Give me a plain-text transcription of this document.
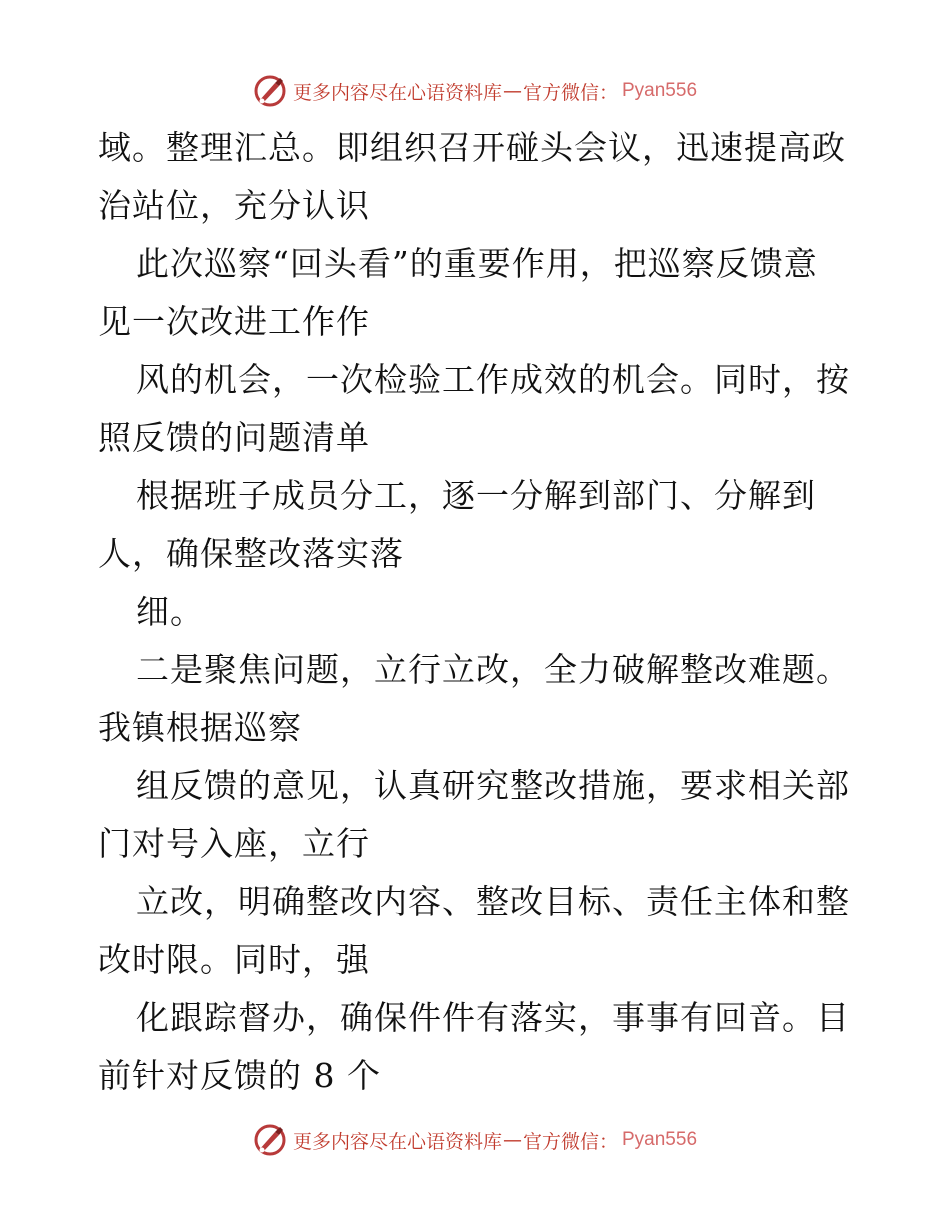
更多内容尽在心语资料库 — 官方微信： Pyan556
域。整理汇总。即组织召开碰头会议，迅速提高政
治站位，充分认识
此次巡察“回头看”的重要作用，把巡察反馈意
见一次改进工作作
风的机会，一次检验工作成效的机会。同时，按
照反馈的问题清单
根据班子成员分工，逐一分解到部门、分解到
人，确保整改落实落
细。
二是聚焦问题，立行立改，全力破解整改难题。
我镇根据巡察
组反馈的意见，认真研究整改措施，要求相关部
门对号入座，立行
立改，明确整改内容、整改目标、责任主体和整
改时限。同时，强
化跟踪督办，确保件件有落实，事事有回音。目
前针对反馈的 8 个
更多内容尽在心语资料库 — 官方微信： Pyan556
